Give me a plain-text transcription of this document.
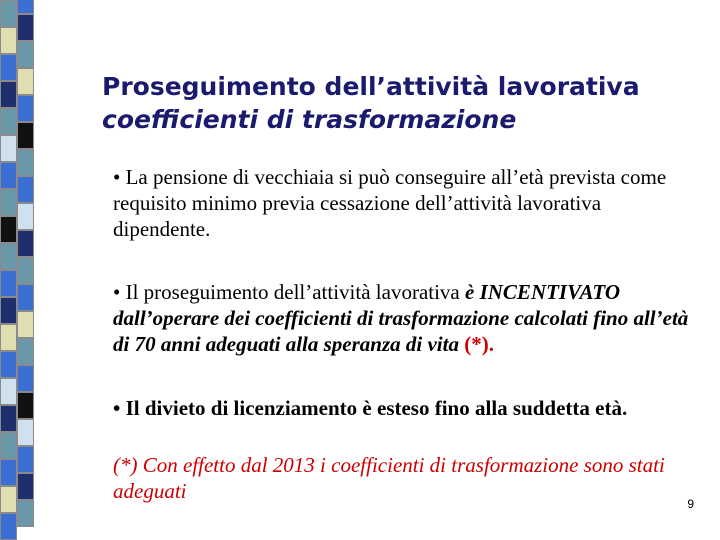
Proseguimento dell’attività lavorativa
coefficienti di trasformazione
• La pensione di vecchiaia si può conseguire all’età prevista come requisito minimo previa cessazione dell’attività lavorativa dipendente.
• Il proseguimento dell’attività lavorativa è INCENTIVATO dall’operare dei coefficienti di trasformazione calcolati fino all’età di 70 anni adeguati alla speranza di vita (*).
• Il divieto di licenziamento è esteso fino alla suddetta età.
(*) Con effetto dal 2013 i coefficienti di trasformazione sono stati adeguati
9
